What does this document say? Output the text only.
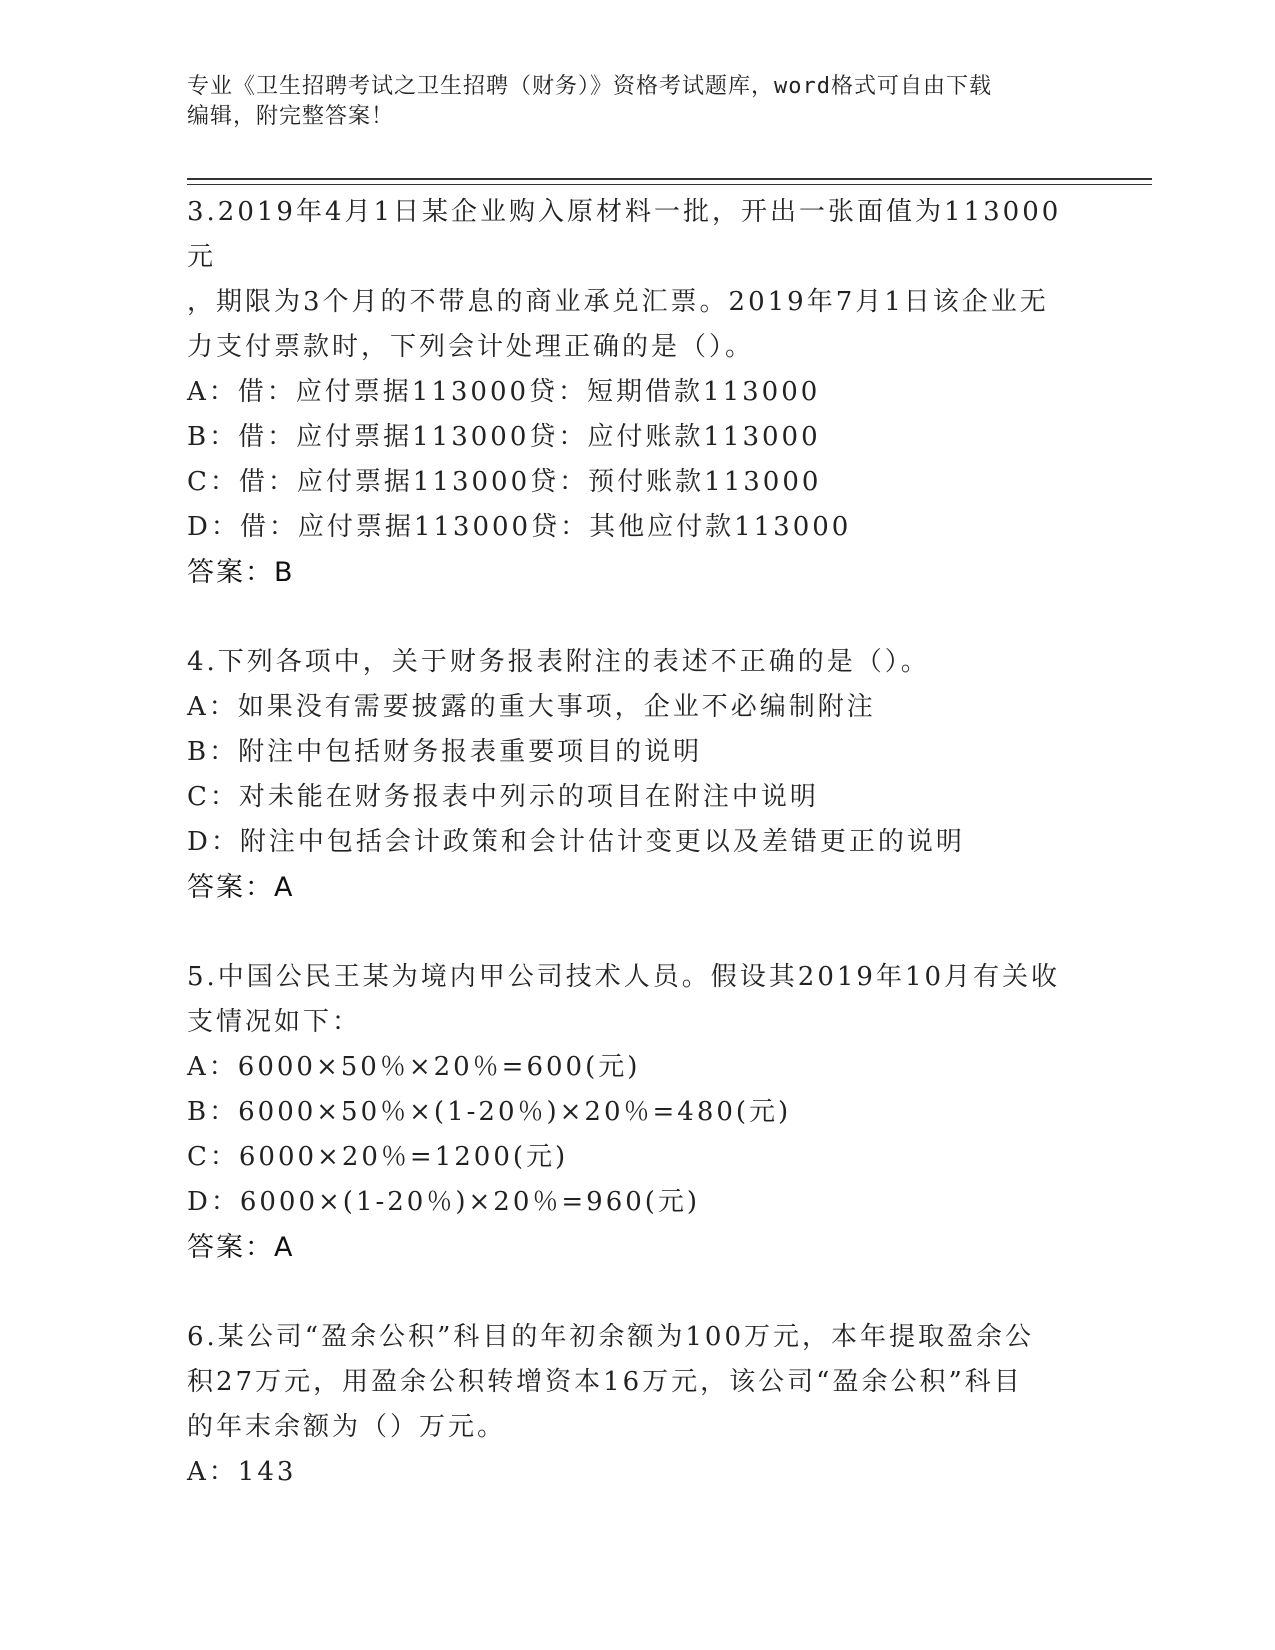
专业《卫生招聘考试之卫生招聘（财务）》资格考试题库，word格式可自由下载
编辑，附完整答案！
3.2019年4月1日某企业购入原材料一批，开出一张面值为113000元
，期限为3个月的不带息的商业承兑汇票。2019年7月1日该企业无
力支付票款时，下列会计处理正确的是（）。
A：借：应付票据113000贷：短期借款113000
B：借：应付票据113000贷：应付账款113000
C：借：应付票据113000贷：预付账款113000
D：借：应付票据113000贷：其他应付款113000
答案：B
4.下列各项中，关于财务报表附注的表述不正确的是（）。
A：如果没有需要披露的重大事项，企业不必编制附注
B：附注中包括财务报表重要项目的说明
C：对未能在财务报表中列示的项目在附注中说明
D：附注中包括会计政策和会计估计变更以及差错更正的说明
答案：A
5.中国公民王某为境内甲公司技术人员。假设其2019年10月有关收
支情况如下：
A：6000×50％×20％=600(元)
B：6000×50％×(1-20％)×20％=480(元)
C：6000×20％=1200(元)
D：6000×(1-20％)×20％=960(元)
答案：A
6.某公司“盈余公积”科目的年初余额为100万元，本年提取盈余公
积27万元，用盈余公积转增资本16万元，该公司“盈余公积”科目
的年末余额为（）万元。
A：143
